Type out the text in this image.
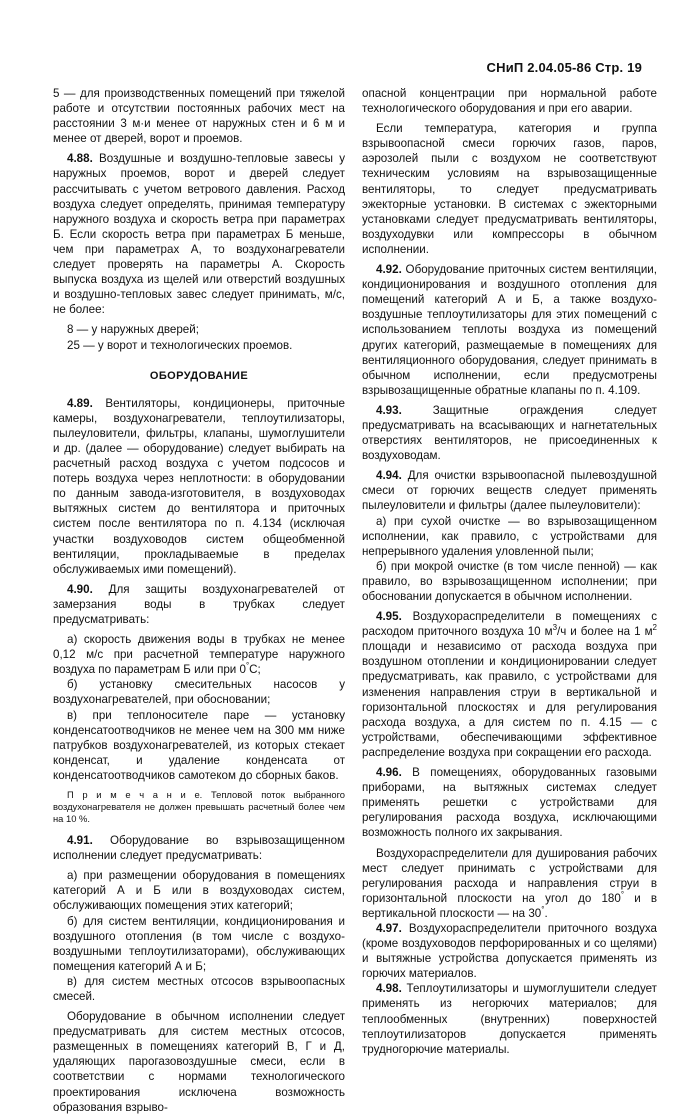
СНиП 2.04.05-86 Стр. 19

5 — для производственных помещений при тяжелой работе и отсутствии постоянных рабочих мест на расстоянии 3 м·и менее от наружных стен и 6 м и менее от дверей, ворот и проемов.

4.88. Воздушные и воздушно-тепловые завесы у наружных проемов, ворот и дверей следует рассчитывать с учетом ветрового давления. Расход воздуха следует определять, принимая температуру наружного воздуха и скорость ветра при параметрах Б. Если скорость ветра при параметрах Б меньше, чем при параметрах А, то воздухонагреватели следует проверять на параметры А. Скорость выпуска воздуха из щелей или отверстий воздушных и воздушно-тепловых завес следует принимать, м/с, не более:

8 — у наружных дверей;

25 — у ворот и технологических проемов.

ОБОРУДОВАНИЕ

4.89. Вентиляторы, кондиционеры, приточные камеры, воздухонагреватели, теплоутилизаторы, пылеуловители, фильтры, клапаны, шумоглушители и др. (далее — оборудование) следует выбирать на расчетный расход воздуха с учетом подсосов и потерь воздуха через неплотности: в оборудовании по данным завода-изготовителя, в воздуховодах вытяжных систем до вентилятора и приточных систем после вентилятора по п. 4.134 (исключая участки воздуховодов систем общеобменной вентиляции, прокладываемые в пределах обслуживаемых ими помещений).

4.90. Для защиты воздухонагревателей от замерзания воды в трубках следует предусматривать:

а) скорость движения воды в трубках не менее 0,12 м/с при расчетной температуре наружного воздуха по параметрам Б или при 0°С;

б) установку смесительных насосов у воздухонагревателей, при обосновании;

в) при теплоносителе паре — установку конденсатоотводчиков не менее чем на 300 мм ниже патрубков воздухонагревателей, из которых стекает конденсат, и удаление конденсата от конденсатоотводчиков самотеком до сборных баков.

П р и м е ч а н и е. Тепловой поток выбранного воздухонагревателя не должен превышать расчетный более чем на 10 %.

4.91. Оборудование во взрывозащищенном исполнении следует предусматривать:

а) при размещении оборудования в помещениях категорий А и Б или в воздуховодах систем, обслуживающих помещения этих категорий;

б) для систем вентиляции, кондиционирования и воздушного отопления (в том числе с воздухо-воздушными теплоутилизаторами), обслуживающих помещения категорий А и Б;

в) для систем местных отсосов взрывоопасных смесей.

Оборудование в обычном исполнении следует предусматривать для систем местных отсосов, размещенных в помещениях категорий В, Г и Д, удаляющих парогазовоздушные смеси, если в соответствии с нормами технологического проектирования исключена возможность образования взрыво-

опасной концентрации при нормальной работе технологического оборудования и при его аварии.

Если температура, категория и группа взрывоопасной смеси горючих газов, паров, аэрозолей пыли с воздухом не соответствуют техническим условиям на взрывозащищенные вентиляторы, то следует предусматривать эжекторные установки. В системах с эжекторными установками следует предусматривать вентиляторы, воздуходувки или компрессоры в обычном исполнении.

4.92. Оборудование приточных систем вентиляции, кондиционирования и воздушного отопления для помещений категорий А и Б, а также воздухо-воздушные теплоутилизаторы для этих помещений с использованием теплоты воздуха из помещений других категорий, размещаемые в помещениях для вентиляционного оборудования, следует принимать в обычном исполнении, если предусмотрены взрывозащищенные обратные клапаны по п. 4.109.

4.93. Защитные ограждения следует предусматривать на всасывающих и нагнетательных отверстиях вентиляторов, не присоединенных к воздуховодам.

4.94. Для очистки взрывоопасной пылевоздушной смеси от горючих веществ следует применять пылеуловители и фильтры (далее пылеуловители):

а) при сухой очистке — во взрывозащищенном исполнении, как правило, с устройствами для непрерывного удаления уловленной пыли;

б) при мокрой очистке (в том числе пенной) — как правило, во взрывозащищенном исполнении; при обосновании допускается в обычном исполнении.

4.95. Воздухораспределители в помещениях с расходом приточного воздуха 10 $м^3/ч$ и более на 1 $м^2$ площади и независимо от расхода воздуха при воздушном отоплении и кондиционировании следует предусматривать, как правило, с устройствами для изменения направления струи в вертикальной и горизонтальной плоскостях и для регулирования расхода воздуха, а для систем по п. 4.15 — с устройствами, обеспечивающими эффективное распределение воздуха при сокращении его расхода.

4.96. В помещениях, оборудованных газовыми приборами, на вытяжных системах следует применять решетки с устройствами для регулирования расхода воздуха, исключающими возможность полного их закрывания.

Воздухораспределители для душирования рабочих мест следует принимать с устройствами для регулирования расхода и направления струи в горизонтальной плоскости на угол до 180° и в вертикальной плоскости — на 30°.

4.97. Воздухораспределители приточного воздуха (кроме воздуховодов перфорированных и со щелями) и вытяжные устройства допускается применять из горючих материалов.

4.98. Теплоутилизаторы и шумоглушители следует применять из негорючих материалов; для теплообменных (внутренних) поверхностей теплоутилизаторов допускается применять трудногорючие материалы.
